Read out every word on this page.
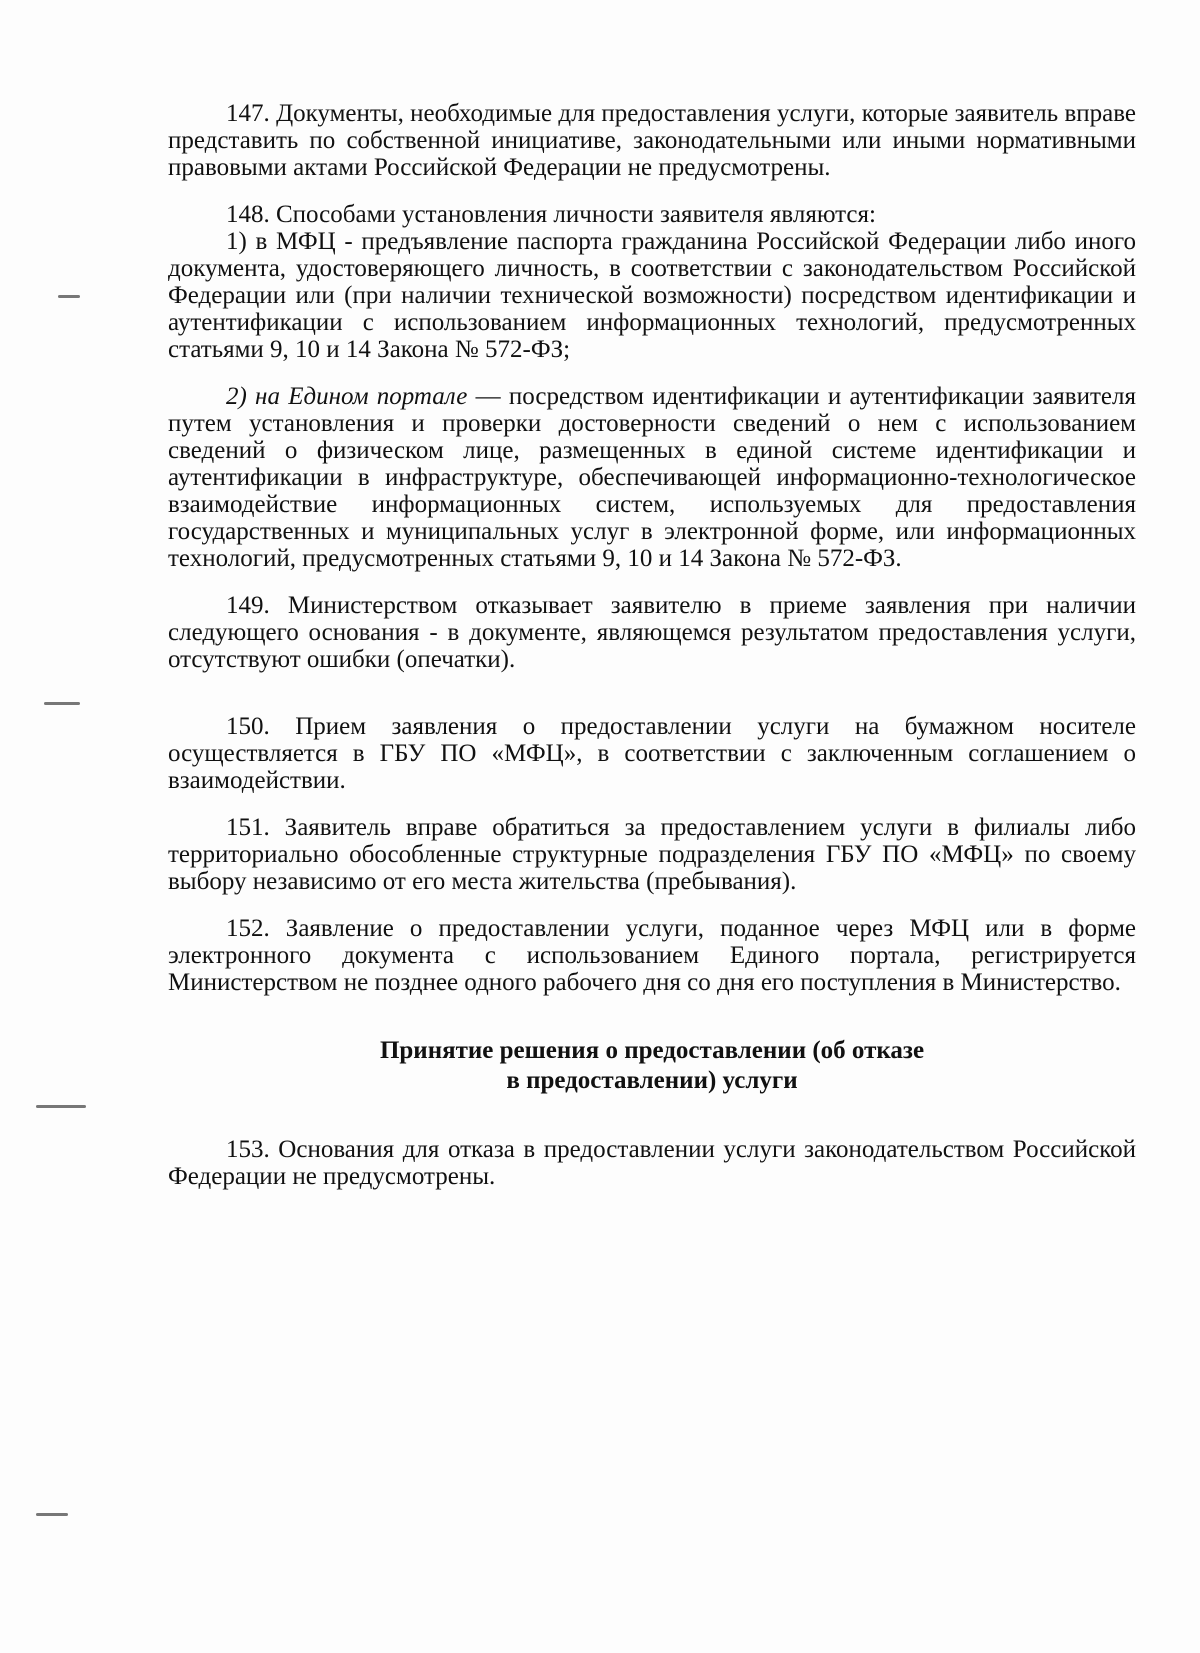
147. Документы, необходимые для предоставления услуги, которые заявитель вправе представить по собственной инициативе, законодательными или иными нормативными правовыми актами Российской Федерации не предусмотрены.

148. Способами установления личности заявителя являются:

1) в МФЦ - предъявление паспорта гражданина Российской Федерации либо иного документа, удостоверяющего личность, в соответствии с законодательством Российской Федерации или (при наличии технической возможности) посредством идентификации и аутентификации с использованием информационных технологий, предусмотренных статьями 9, 10 и 14 Закона № 572-ФЗ;

2) на Едином портале — посредством идентификации и аутентификации заявителя путем установления и проверки достоверности сведений о нем с использованием сведений о физическом лице, размещенных в единой системе идентификации и аутентификации в инфраструктуре, обеспечивающей информационно-технологическое взаимодействие информационных систем, используемых для предоставления государственных и муниципальных услуг в электронной форме, или информационных технологий, предусмотренных статьями 9, 10 и 14 Закона № 572-ФЗ.

149. Министерством отказывает заявителю в приеме заявления при наличии следующего основания - в документе, являющемся результатом предоставления услуги, отсутствуют ошибки (опечатки).

150. Прием заявления о предоставлении услуги на бумажном носителе осуществляется в ГБУ ПО «МФЦ», в соответствии с заключенным соглашением о взаимодействии.

151. Заявитель вправе обратиться за предоставлением услуги в филиалы либо территориально обособленные структурные подразделения ГБУ ПО «МФЦ» по своему выбору независимо от его места жительства (пребывания).

152. Заявление о предоставлении услуги, поданное через МФЦ или в форме электронного документа с использованием Единого портала, регистрируется Министерством не позднее одного рабочего дня со дня его поступления в Министерство.

Принятие решения о предоставлении (об отказе
в предоставлении) услуги

153. Основания для отказа в предоставлении услуги законодательством Российской Федерации не предусмотрены.
